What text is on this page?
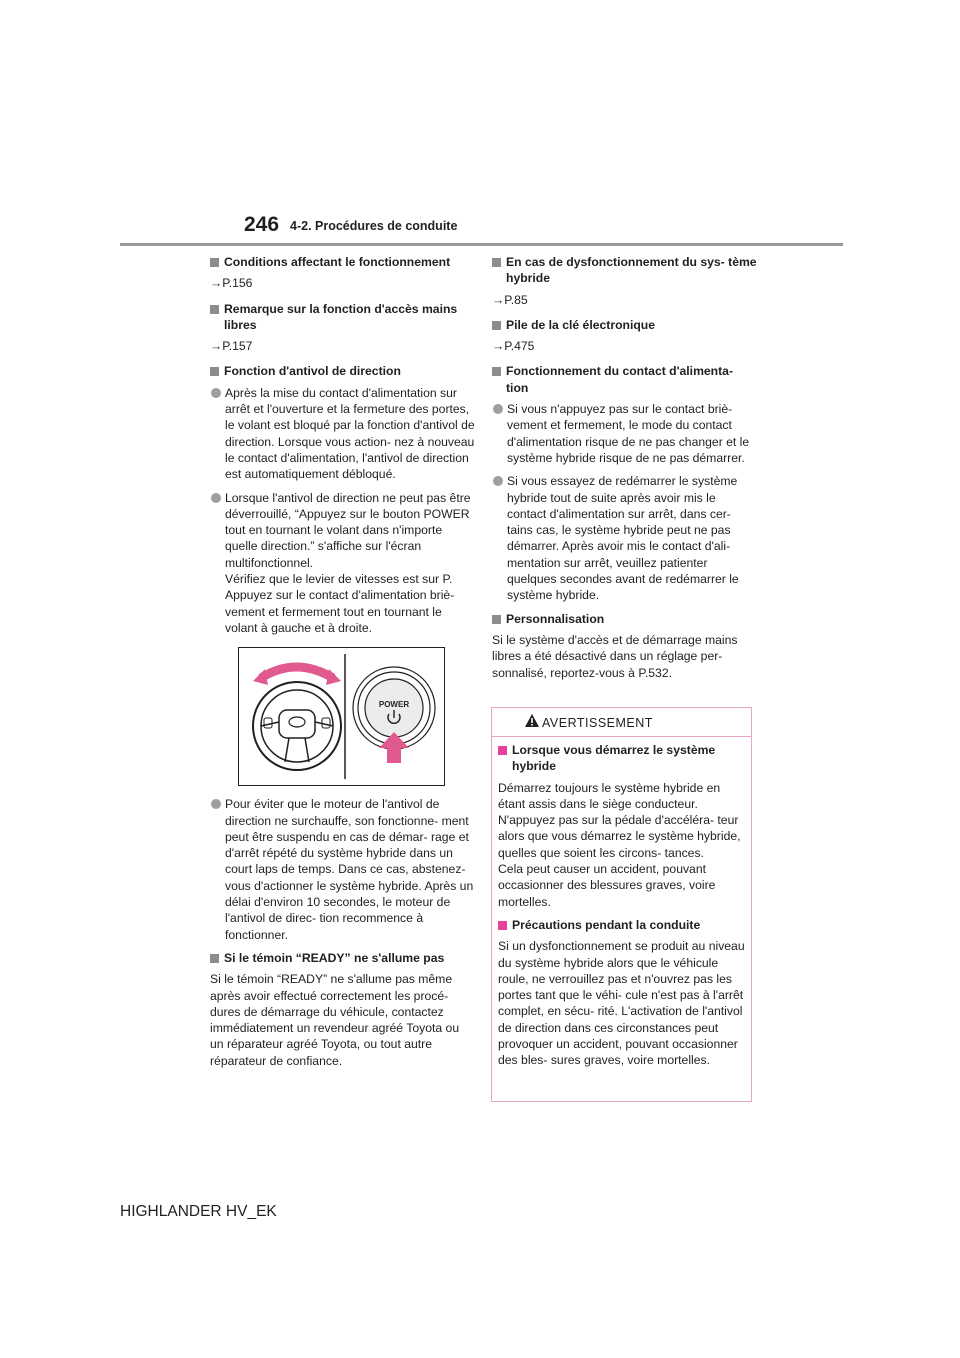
246 4-2. Procédures de conduite
Conditions affectant le fonctionnement
→P.156
Remarque sur la fonction d'accès mains libres
→P.157
Fonction d'antivol de direction
Après la mise du contact d'alimentation sur arrêt et l'ouverture et la fermeture des portes, le volant est bloqué par la fonction d'antivol de direction. Lorsque vous action- nez à nouveau le contact d'alimentation, l'antivol de direction est automatiquement débloqué.
Lorsque l'antivol de direction ne peut pas être déverrouillé, “Appuyez sur le bouton POWER tout en tournant le volant dans n'importe quelle direction.” s'affiche sur l'écran multifonctionnel.
Vérifiez que le levier de vitesses est sur P. Appuyez sur le contact d'alimentation briè- vement et fermement tout en tournant le volant à gauche et à droite.
POWER
Pour éviter que le moteur de l'antivol de direction ne surchauffe, son fonctionne- ment peut être suspendu en cas de démar- rage et d'arrêt répété du système hybride dans un court laps de temps. Dans ce cas, abstenez-vous d'actionner le système hybride. Après un délai d'environ 10 secondes, le moteur de l'antivol de direc- tion recommence à fonctionner.
Si le témoin “READY” ne s'allume pas
Si le témoin “READY” ne s'allume pas même après avoir effectué correctement les procé- dures de démarrage du véhicule, contactez immédiatement un revendeur agréé Toyota ou un réparateur agréé Toyota, ou tout autre réparateur de confiance.
En cas de dysfonctionnement du sys- tème hybride
→P.85
Pile de la clé électronique
→P.475
Fonctionnement du contact d'alimenta- tion
Si vous n'appuyez pas sur le contact briè- vement et fermement, le mode du contact d'alimentation risque de ne pas changer et le système hybride risque de ne pas démarrer.
Si vous essayez de redémarrer le système hybride tout de suite après avoir mis le contact d'alimentation sur arrêt, dans cer- tains cas, le système hybride peut ne pas démarrer. Après avoir mis le contact d'ali- mentation sur arrêt, veuillez patienter quelques secondes avant de redémarrer le système hybride.
Personnalisation
Si le système d'accès et de démarrage mains libres a été désactivé dans un réglage per- sonnalisé, reportez-vous à P.532.
AVERTISSEMENT
Lorsque vous démarrez le système hybride
Démarrez toujours le système hybride en étant assis dans le siège conducteur. N'appuyez pas sur la pédale d'accéléra- teur alors que vous démarrez le système hybride, quelles que soient les circons- tances.
Cela peut causer un accident, pouvant occasionner des blessures graves, voire mortelles.
Précautions pendant la conduite
Si un dysfonctionnement se produit au niveau du système hybride alors que le véhicule roule, ne verrouillez pas et n'ouvrez pas les portes tant que le véhi- cule n'est pas à l'arrêt complet, en sécu- rité. L'activation de l'antivol de direction dans ces circonstances peut provoquer un accident, pouvant occasionner des bles- sures graves, voire mortelles.
HIGHLANDER HV_EK
